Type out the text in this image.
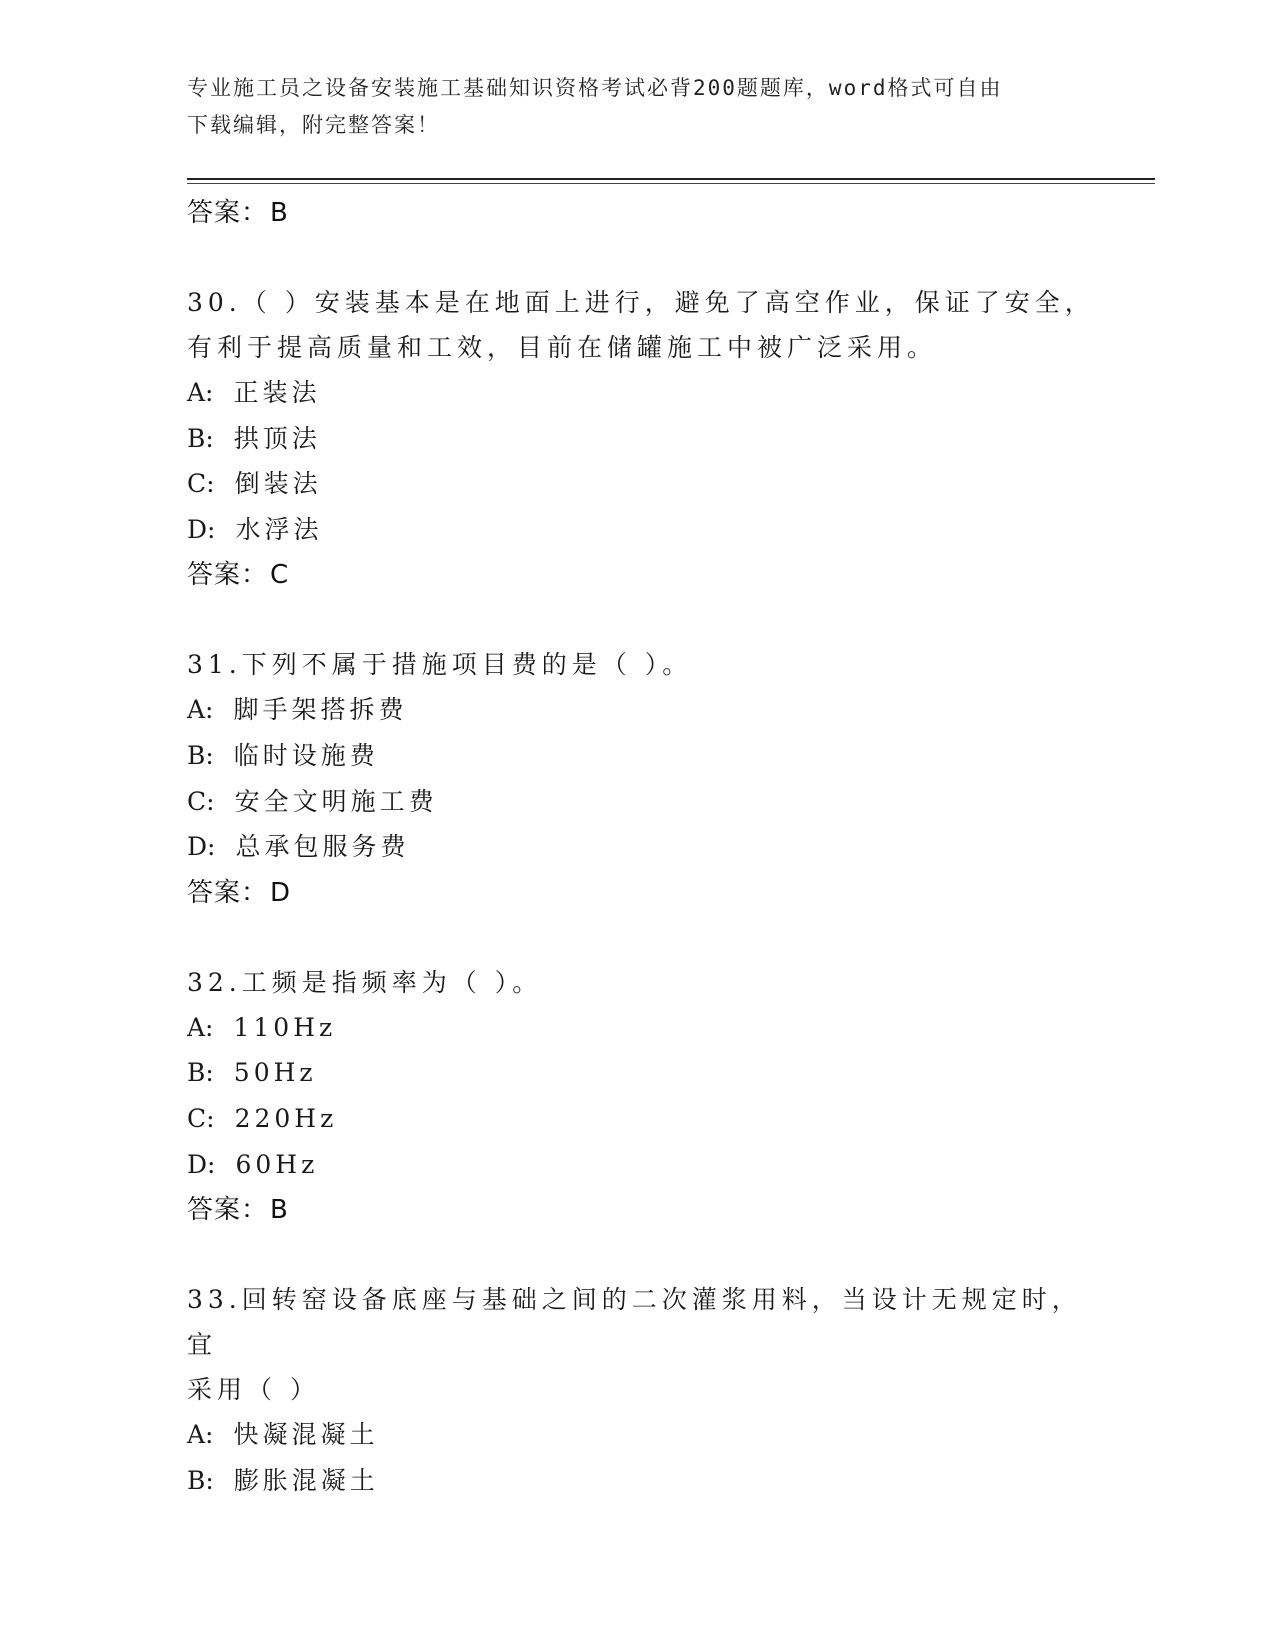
专业施工员之设备安装施工基础知识资格考试必背200题题库，word格式可自由
下载编辑，附完整答案！
答案：B
30.（ ）安装基本是在地面上进行，避免了高空作业，保证了安全，
有利于提高质量和工效，目前在储罐施工中被广泛采用。
A: 正装法
B: 拱顶法
C: 倒装法
D: 水浮法
答案：C
31.下列不属于措施项目费的是（ ）。
A: 脚手架搭拆费
B: 临时设施费
C: 安全文明施工费
D: 总承包服务费
答案：D
32.工频是指频率为（ ）。
A: 110Hz
B: 50Hz
C: 220Hz
D: 60Hz
答案：B
33.回转窑设备底座与基础之间的二次灌浆用料，当设计无规定时，宜
采用（ ）
A: 快凝混凝土
B: 膨胀混凝土
